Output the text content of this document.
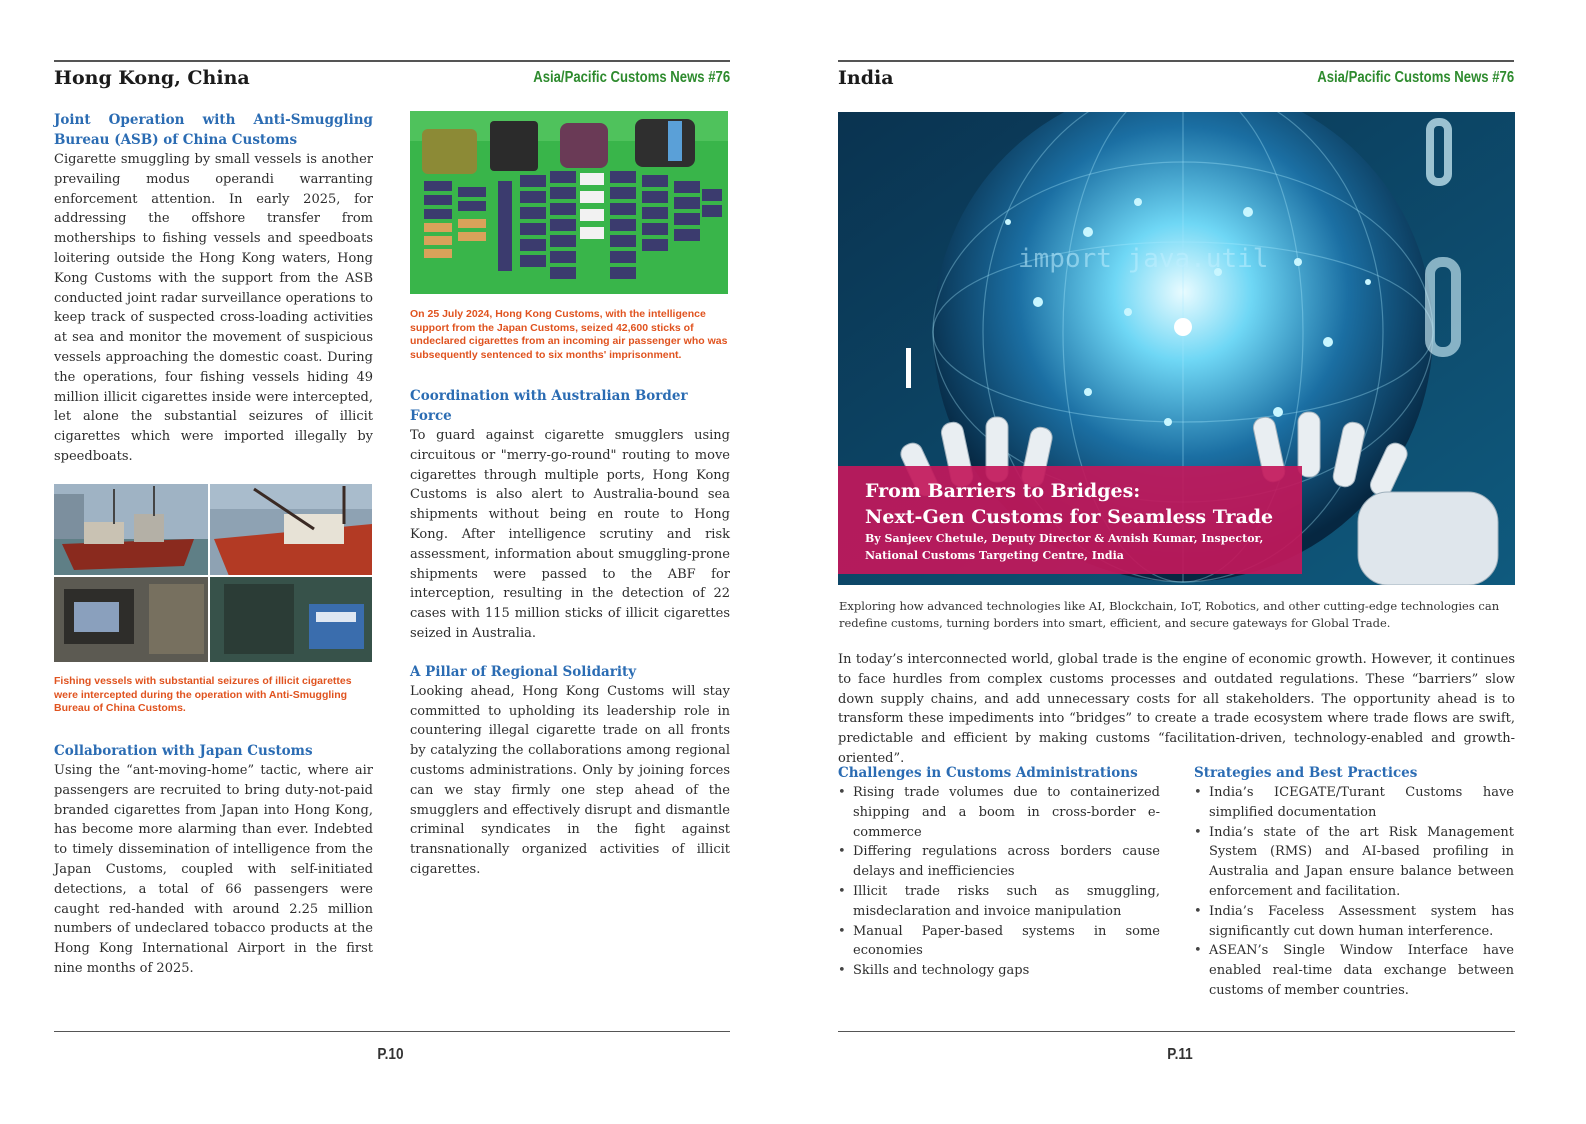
Hong Kong, China	Asia/Pacific Customs News #76

Joint Operation with Anti-Smuggling Bureau (ASB) of China Customs

Cigarette smuggling by small vessels is another prevailing modus operandi warranting enforcement attention. In early 2025, for addressing the offshore transfer from motherships to fishing vessels and speedboats loitering outside the Hong Kong waters, Hong Kong Customs with the support from the ASB conducted joint radar surveillance operations to keep track of suspected cross-loading activities at sea and monitor the movement of suspicious vessels approaching the domestic coast. During the operations, four fishing vessels hiding 49 million illicit cigarettes inside were intercepted, let alone the substantial seizures of illicit cigarettes which were imported illegally by speedboats.

Fishing vessels with substantial seizures of illicit cigarettes were intercepted during the operation with Anti-Smuggling Bureau of China Customs.

Collaboration with Japan Customs

Using the “ant-moving-home” tactic, where air passengers are recruited to bring duty-not-paid branded cigarettes from Japan into Hong Kong, has become more alarming than ever. Indebted to timely dissemination of intelligence from the Japan Customs, coupled with self-initiated detections, a total of 66 passengers were caught red-handed with around 2.25 million numbers of undeclared tobacco products at the Hong Kong International Airport in the first nine months of 2025.

On 25 July 2024, Hong Kong Customs, with the intelligence support from the Japan Customs, seized 42,600 sticks of undeclared cigarettes from an incoming air passenger who was subsequently sentenced to six months' imprisonment.

Coordination with Australian Border Force

To guard against cigarette smugglers using circuitous or "merry-go-round" routing to move cigarettes through multiple ports, Hong Kong Customs is also alert to Australia-bound sea shipments without being en route to Hong Kong. After intelligence scrutiny and risk assessment, information about smuggling-prone shipments were passed to the ABF for interception, resulting in the detection of 22 cases with 115 million sticks of illicit cigarettes seized in Australia.

A Pillar of Regional Solidarity

Looking ahead, Hong Kong Customs will stay committed to upholding its leadership role in countering illegal cigarette trade on all fronts by catalyzing the collaborations among regional customs administrations. Only by joining forces can we stay firmly one step ahead of the smugglers and effectively disrupt and dismantle criminal syndicates in the fight against transnationally organized activities of illicit cigarettes.

P.10
India	Asia/Pacific Customs News #76
import java.util

From Barriers to Bridges:

Next-Gen Customs for Seamless Trade

By Sanjeev Chetule, Deputy Director & Avnish Kumar, Inspector,

National Customs Targeting Centre, India

Exploring how advanced technologies like AI, Blockchain, IoT, Robotics, and other cutting-edge technologies can redefine customs, turning borders into smart, efficient, and secure gateways for Global Trade.

In today’s interconnected world, global trade is the engine of economic growth. However, it continues to face hurdles from complex customs processes and outdated regulations. These “barriers” slow down supply chains, and add unnecessary costs for all stakeholders. The opportunity ahead is to transform these impediments into “bridges” to create a trade ecosystem where trade flows are swift, predictable and efficient by making customs “facilitation-driven, technology-enabled and growth-oriented”.

Challenges in Customs Administrations

• Rising trade volumes due to containerized shipping and a boom in cross-border e-commerce
• Differing regulations across borders cause delays and inefficiencies
• Illicit trade risks such as smuggling, misdeclaration and invoice manipulation
• Manual Paper-based systems in some economies
• Skills and technology gaps

Strategies and Best Practices

• India’s ICEGATE/Turant Customs have simplified documentation
• India’s state of the art Risk Management System (RMS) and AI-based profiling in Australia and Japan ensure balance between enforcement and facilitation.
• India’s Faceless Assessment system has significantly cut down human interference.
• ASEAN’s Single Window Interface have enabled real-time data exchange between customs of member countries.
P.11
